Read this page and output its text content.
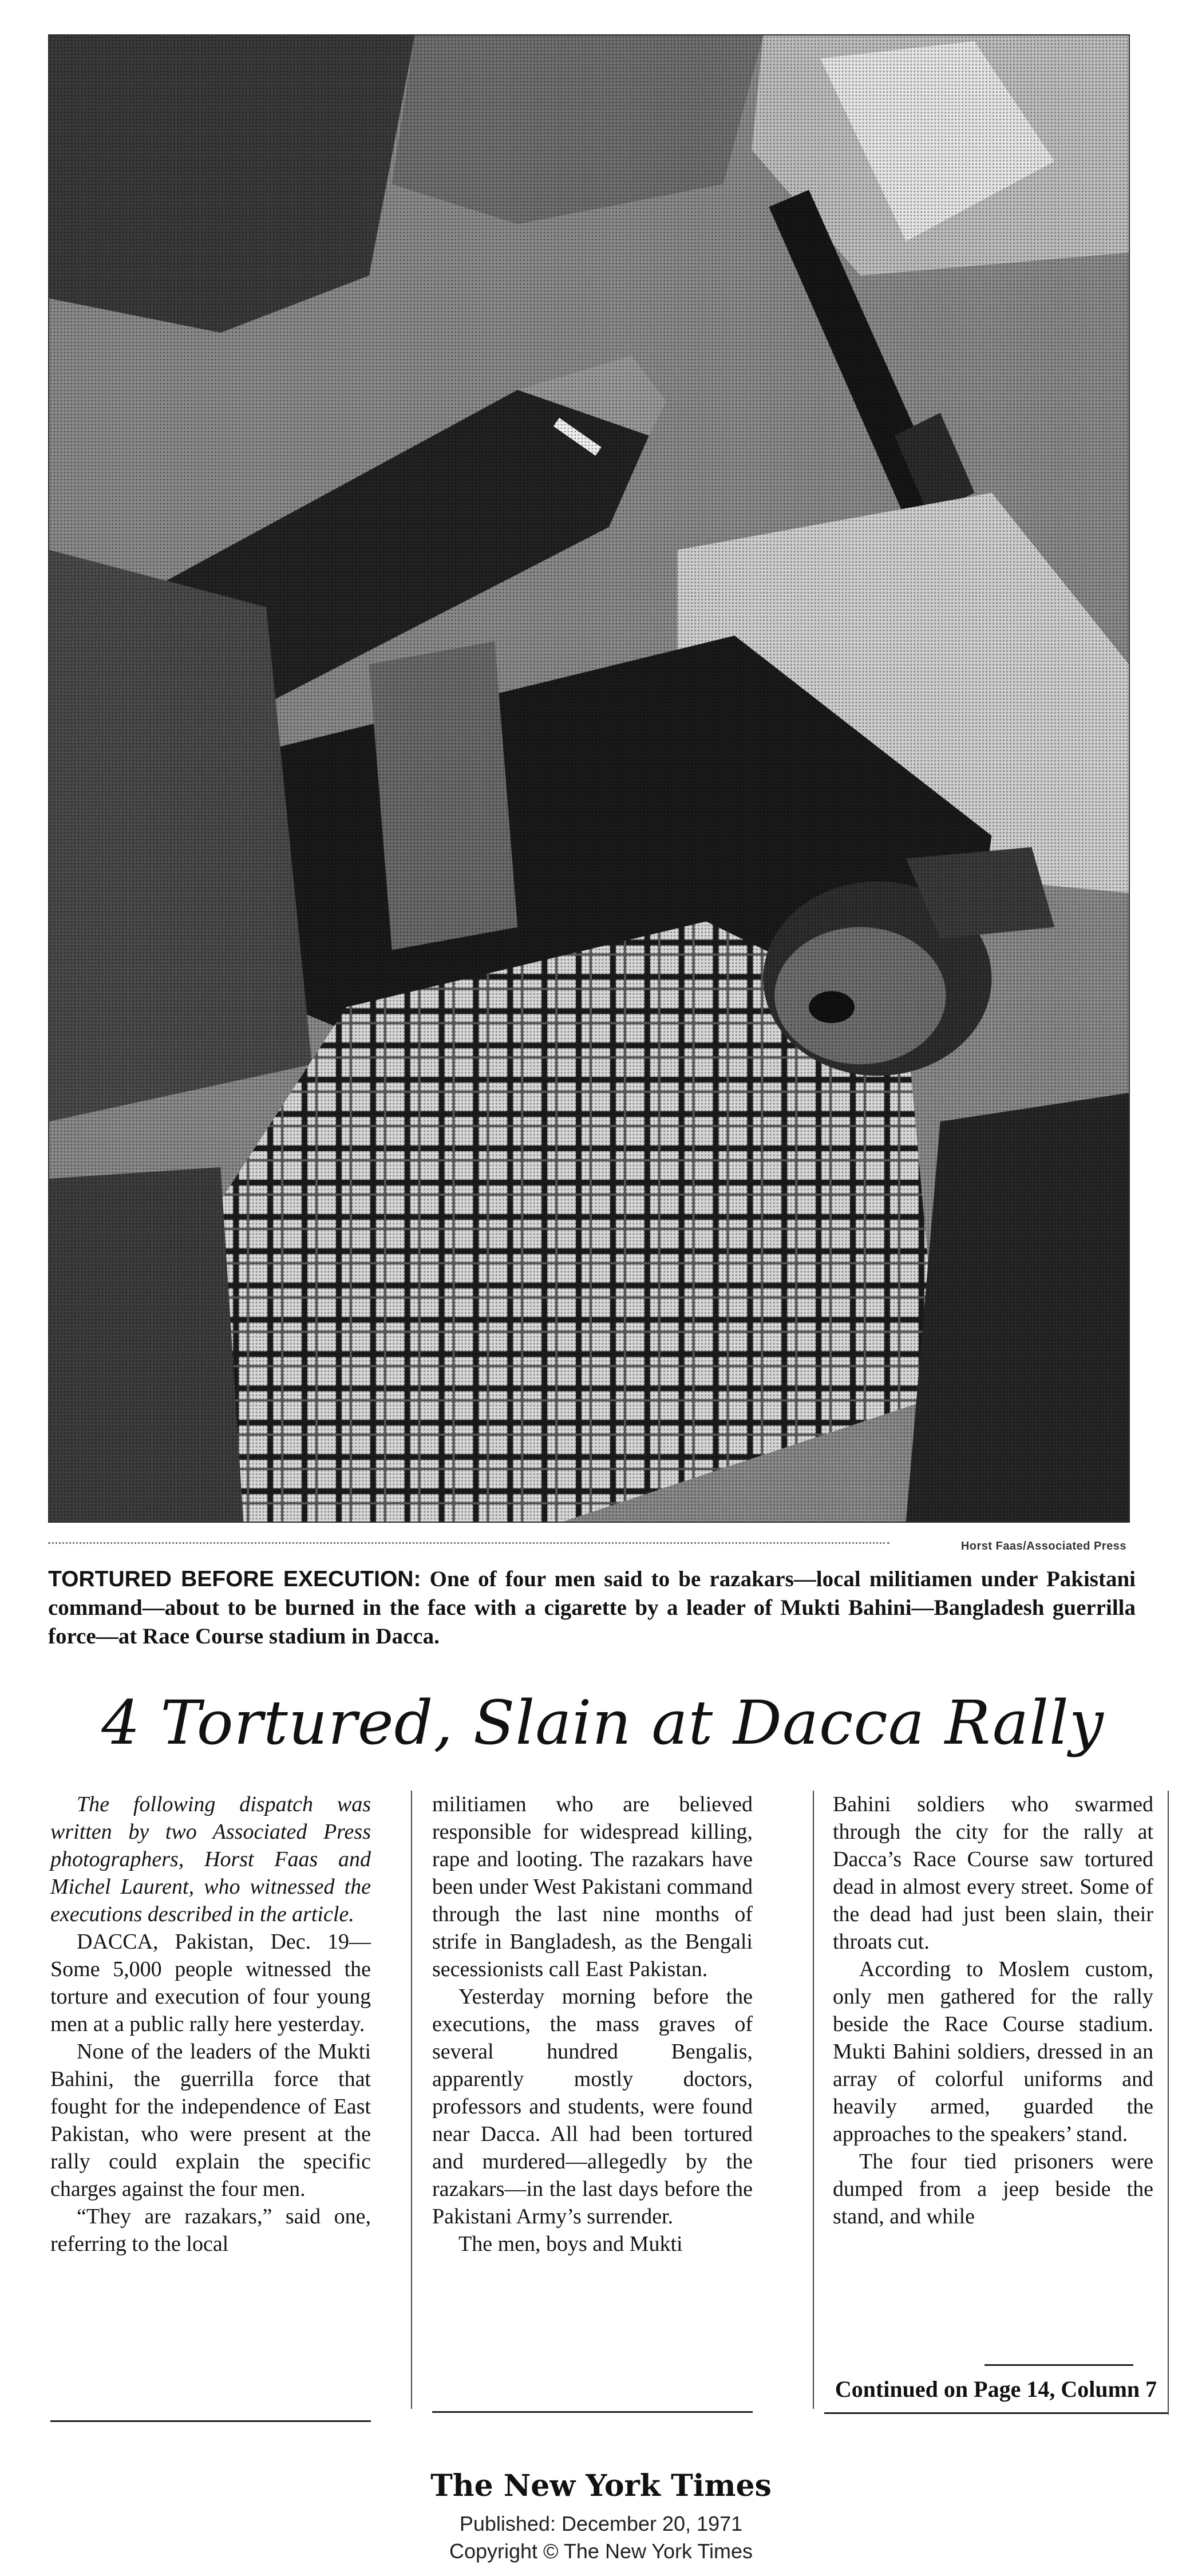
Horst Faas/Associated Press
TORTURED BEFORE EXECUTION: One of four men said to be razakars—local militiamen under Pakistani command—about to be burned in the face with a cigarette by a leader of Mukti Bahini—Bangladesh guerrilla force—at Race Course stadium in Dacca.
4 Tortured, Slain at Dacca Rally

The following dispatch was written by two Associated Press photographers, Horst Faas and Michel Laurent, who witnessed the executions described in the article.

DACCA, Pakistan, Dec. 19—Some 5,000 people witnessed the torture and execution of four young men at a public rally here yesterday.

None of the leaders of the Mukti Bahini, the guerrilla force that fought for the independence of East Pakistan, who were present at the rally could explain the specific charges against the four men.

“They are razakars,” said one, referring to the local

militiamen who are believed responsible for widespread killing, rape and looting. The razakars have been under West Pakistani command through the last nine months of strife in Bangladesh, as the Bengali secessionists call East Pakistan.

Yesterday morning before the executions, the mass graves of several hundred Bengalis, apparently mostly doctors, professors and students, were found near Dacca. All had been tortured and murdered—allegedly by the razakars—in the last days before the Pakistani Army’s surrender.

The men, boys and Mukti

Bahini soldiers who swarmed through the city for the rally at Dacca’s Race Course saw tortured dead in almost every street. Some of the dead had just been slain, their throats cut.

According to Moslem custom, only men gathered for the rally beside the Race Course stadium. Mukti Bahini soldiers, dressed in an array of colorful uniforms and heavily armed, guarded the approaches to the speakers’ stand.

The four tied prisoners were dumped from a jeep beside the stand, and while

Continued on Page 14, Column 7
The New York Times
Published: December 20, 1971
Copyright © The New York Times
